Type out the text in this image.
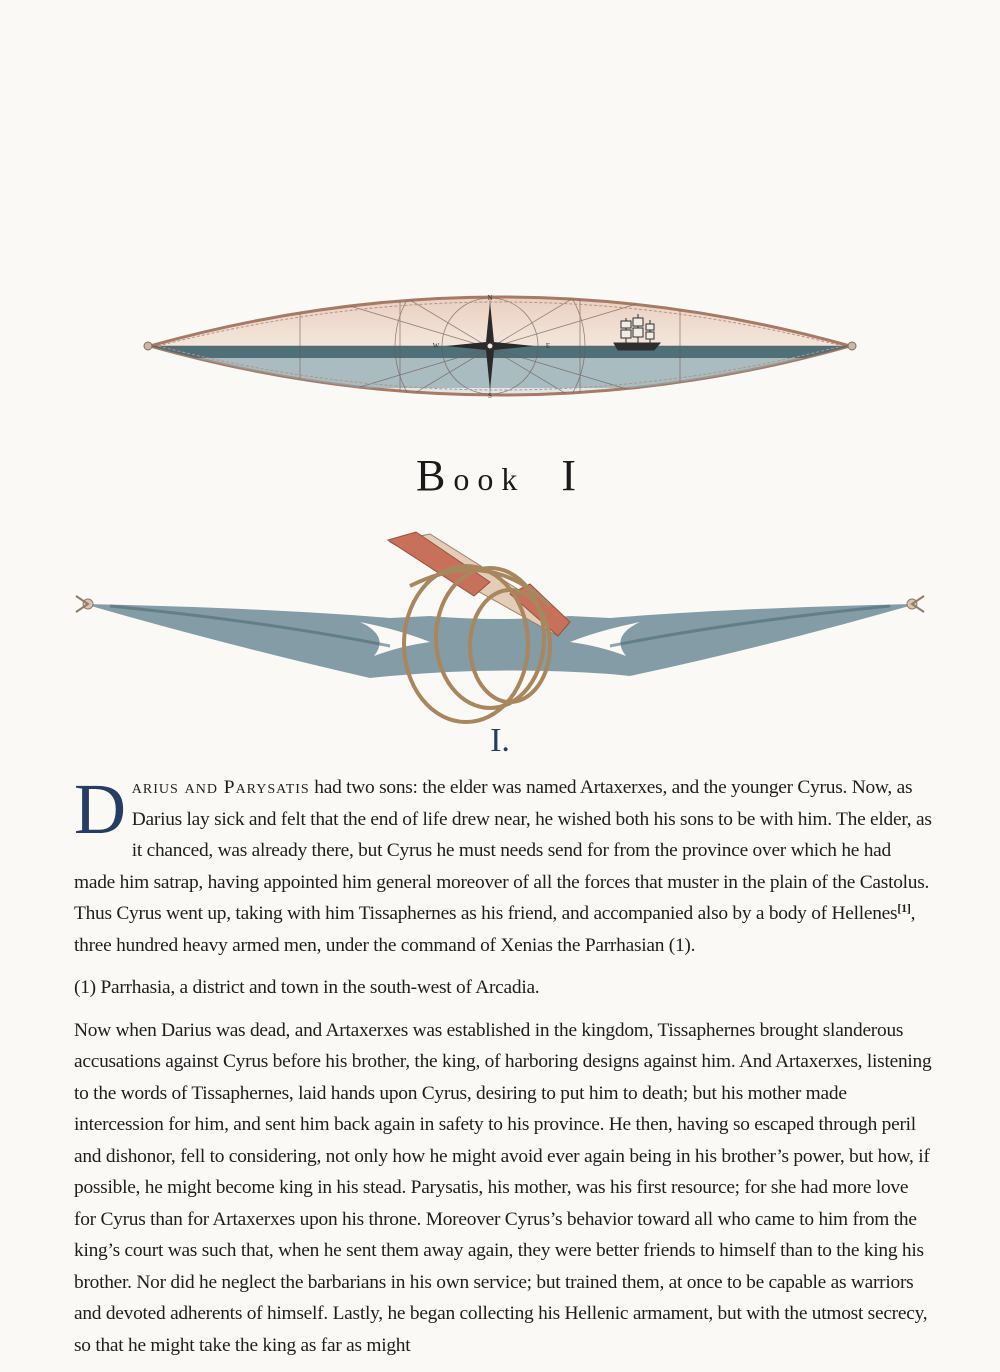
N
S
E
W
Book I
I.

Darius and Parysatis had two sons: the elder was named Artaxerxes, and the younger Cyrus. Now, as Darius lay sick and felt that the end of life drew near, he wished both his sons to be with him. The elder, as it chanced, was already there, but Cyrus he must needs send for from the province over which he had made him satrap, having appointed him general moreover of all the forces that muster in the plain of the Castolus. Thus Cyrus went up, taking with him Tissaphernes as his friend, and accompanied also by a body of Hellenes[1], three hundred heavy armed men, under the command of Xenias the Parrhasian (1).

(1) Parrhasia, a district and town in the south-west of Arcadia.

Now when Darius was dead, and Artaxerxes was established in the kingdom, Tissaphernes brought slanderous accusations against Cyrus before his brother, the king, of harboring designs against him. And Artaxerxes, listening to the words of Tissaphernes, laid hands upon Cyrus, desiring to put him to death; but his mother made intercession for him, and sent him back again in safety to his province. He then, having so escaped through peril and dishonor, fell to considering, not only how he might avoid ever again being in his brother’s power, but how, if possible, he might become king in his stead. Parysatis, his mother, was his first resource; for she had more love for Cyrus than for Artaxerxes upon his throne. Moreover Cyrus’s behavior toward all who came to him from the king’s court was such that, when he sent them away again, they were better friends to himself than to the king his brother. Nor did he neglect the barbarians in his own service; but trained them, at once to be capable as warriors and devoted adherents of himself. Lastly, he began collecting his Hellenic armament, but with the utmost secrecy, so that he might take the king as far as might
